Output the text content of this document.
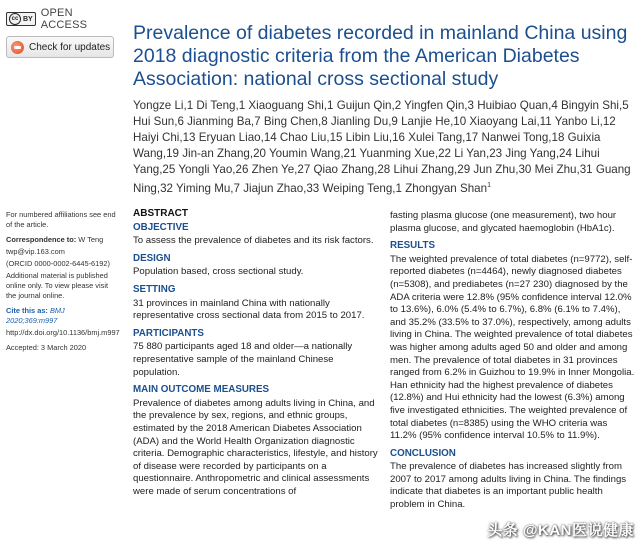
cc BY OPEN ACCESS
Check for updates
Prevalence of diabetes recorded in mainland China using 2018 diagnostic criteria from the American Diabetes Association: national cross sectional study

Yongze Li,1 Di Teng,1 Xiaoguang Shi,1 Guijun Qin,2 Yingfen Qin,3 Huibiao Quan,4 Bingyin Shi,5 Hui Sun,6 Jianming Ba,7 Bing Chen,8 Jianling Du,9 Lanjie He,10 Xiaoyang Lai,11 Yanbo Li,12 Haiyi Chi,13 Eryuan Liao,14 Chao Liu,15 Libin Liu,16 Xulei Tang,17 Nanwei Tong,18 Guixia Wang,19 Jin-an Zhang,20 Youmin Wang,21 Yuanming Xue,22 Li Yan,23 Jing Yang,24 Lihui Yang,25 Yongli Yao,26 Zhen Ye,27 Qiao Zhang,28 Lihui Zhang,29 Jun Zhu,30 Mei Zhu,31 Guang Ning,32 Yiming Mu,7 Jiajun Zhao,33 Weiping Teng,1 Zhongyan Shan$^1$

For numbered affiliations see end of the article.

Correspondence to: W Teng

twp@vip.163.com

(ORCID 0000-0002-6445-6192)

Additional material is published online only. To view please visit the journal online.

Cite this as: BMJ 2020;369:m997

http://dx.doi.org/10.1136/bmj.m997

Accepted: 3 March 2020

ABSTRACT

OBJECTIVE

To assess the prevalence of diabetes and its risk factors.

DESIGN

Population based, cross sectional study.

SETTING

31 provinces in mainland China with nationally representative cross sectional data from 2015 to 2017.

PARTICIPANTS

75 880 participants aged 18 and older—a nationally representative sample of the mainland Chinese population.

MAIN OUTCOME MEASURES

Prevalence of diabetes among adults living in China, and the prevalence by sex, regions, and ethnic groups, estimated by the 2018 American Diabetes Association (ADA) and the World Health Organization diagnostic criteria. Demographic characteristics, lifestyle, and history of disease were recorded by participants on a questionnaire. Anthropometric and clinical assessments were made of serum concentrations of

fasting plasma glucose (one measurement), two hour plasma glucose, and glycated haemoglobin (HbA1c).

RESULTS

The weighted prevalence of total diabetes (n=9772), self-reported diabetes (n=4464), newly diagnosed diabetes (n=5308), and prediabetes (n=27 230) diagnosed by the ADA criteria were 12.8% (95% confidence interval 12.0% to 13.6%), 6.0% (5.4% to 6.7%), 6.8% (6.1% to 7.4%), and 35.2% (33.5% to 37.0%), respectively, among adults living in China. The weighted prevalence of total diabetes was higher among adults aged 50 and older and among men. The prevalence of total diabetes in 31 provinces ranged from 6.2% in Guizhou to 19.9% in Inner Mongolia. Han ethnicity had the highest prevalence of diabetes (12.8%) and Hui ethnicity had the lowest (6.3%) among five investigated ethnicities. The weighted prevalence of total diabetes (n=8385) using the WHO criteria was 11.2% (95% confidence interval 10.5% to 11.9%).

CONCLUSION

The prevalence of diabetes has increased slightly from 2007 to 2017 among adults living in China. The findings indicate that diabetes is an important public health problem in China.

头条 @KAN医说健康
